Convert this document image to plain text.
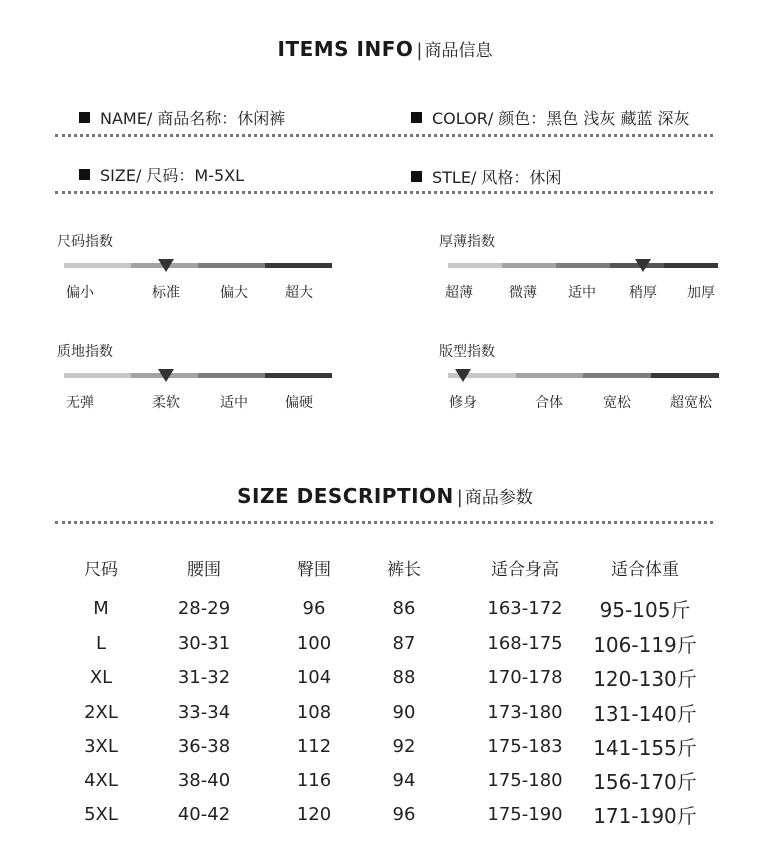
ITEMS INFO | 商品信息
NAME/ 商品名称：休闲裤	COLOR/ 颜色：黑色 浅灰 藏蓝 深灰
SIZE/ 尺码：M-5XL	STLE/ 风格：休闲
尺码指数
偏小	标准	偏大	超大
厚薄指数
超薄	微薄 适中 稍厚 加厚
质地指数
无弹	柔软	适中	偏硬
版型指数
修身	合体	宽松	超宽松
SIZE DESCRIPTION | 商品参数
尺码	腰围	臀围	裤长	适合身高	适合体重
M	28-29	96	86	163-172 95-105斤
L	30-31	100	87	168-175 106-119斤
XL	31-32	104	88	170-178 120-130斤
2XL	33-34	108	90	173-180 131-140斤
3XL	36-38	112	92	175-183 141-155斤
4XL	38-40	116	94	175-180 156-170斤
5XL	40-42	120	96	175-190 171-190斤
